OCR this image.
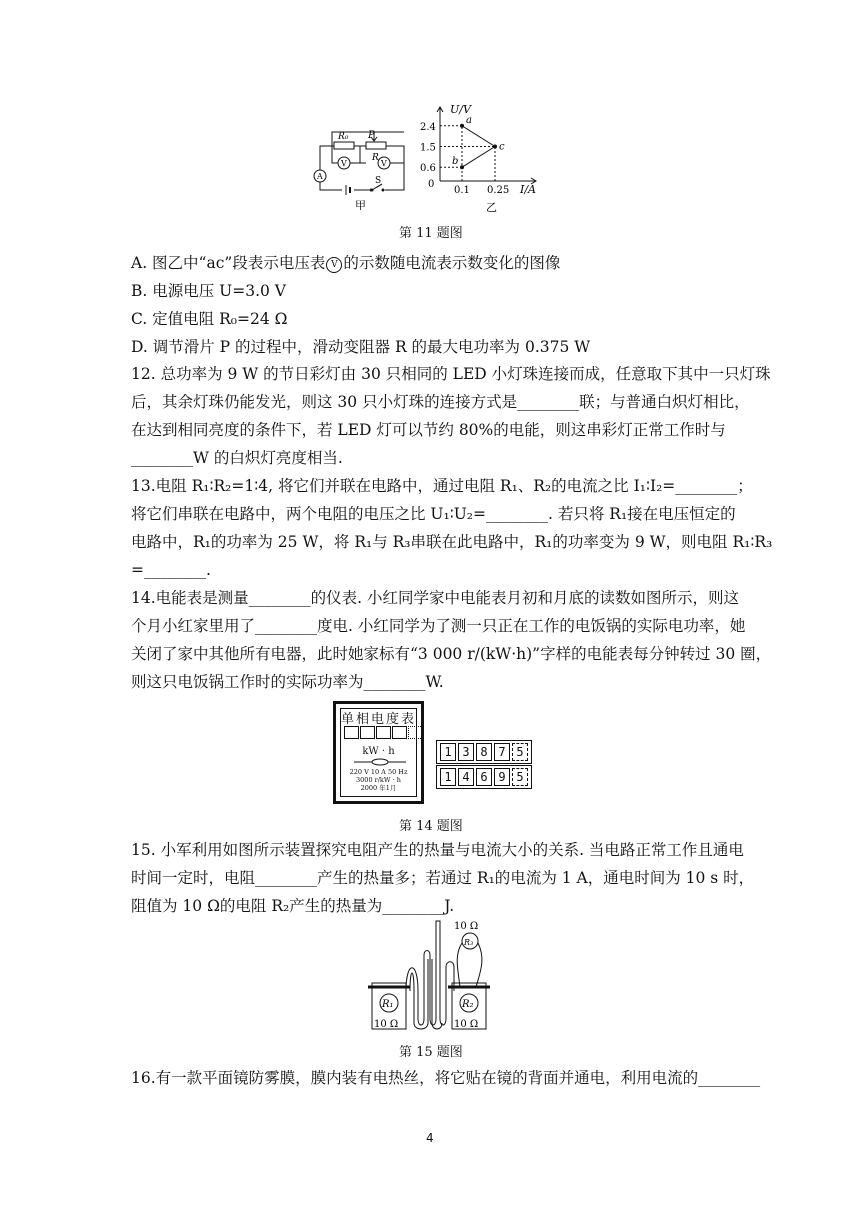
R₀ P
R
V	V
A	S
甲
a
b
c
2.4
1.5
0.6
0.1 0.25
U/V
I/A
0
乙
第 11 题图
A. 图乙中“ac”段表示电压表 V 的示数随电流表示数变化的图像
B. 电源电压 U=3.0 V
C. 定值电阻 R₀=24 Ω
D. 调节滑片 P 的过程中，滑动变阻器 R 的最大电功率为 0.375 W
12. 总功率为 9 W 的节日彩灯由 30 只相同的 LED 小灯珠连接而成，任意取下其中一只灯珠
后，其余灯珠仍能发光，则这 30 只小灯珠的连接方式是________联；与普通白炽灯相比，
在达到相同亮度的条件下，若 LED 灯可以节约 80%的电能，则这串彩灯正常工作时与
________W 的白炽灯亮度相当.
13.电阻 R₁∶R₂=1∶4, 将它们并联在电路中，通过电阻 R₁、R₂的电流之比 I₁∶I₂=________；
将它们串联在电路中，两个电阻的电压之比 U₁∶U₂=________. 若只将 R₁接在电压恒定的
电路中，R₁的功率为 25 W，将 R₁与 R₃串联在此电路中，R₁的功率变为 9 W，则电阻 R₁∶R₃
=________.
14.电能表是测量________的仪表. 小红同学家中电能表月初和月底的读数如图所示，则这
个月小红家里用了________度电. 小红同学为了测一只正在工作的电饭锅的实际电功率，她
关闭了家中其他所有电器，此时她家标有“3 000 r/(kW·h)”字样的电能表每分钟转过 30 圈，
则这只电饭锅工作时的实际功率为________W.
单相电度表
kW · h
220 V 10 A 50 Hz
3000 r/kW · h
2000 年1月
1 3 8 7 5
1 4 6 9 5
第 14 题图
15. 小军利用如图所示装置探究电阻产生的热量与电流大小的关系. 当电路正常工作且通电
时间一定时，电阻________产生的热量多；若通过 R₁的电流为 1 A，通电时间为 10 s 时，
阻值为 10 Ω的电阻 R₂产生的热量为________J.
10 Ω
R₁	R₂
R₃
10 Ω	10 Ω
第 15 题图
16.有一款平面镜防雾膜，膜内装有电热丝，将它贴在镜的背面并通电，利用电流的________
4
